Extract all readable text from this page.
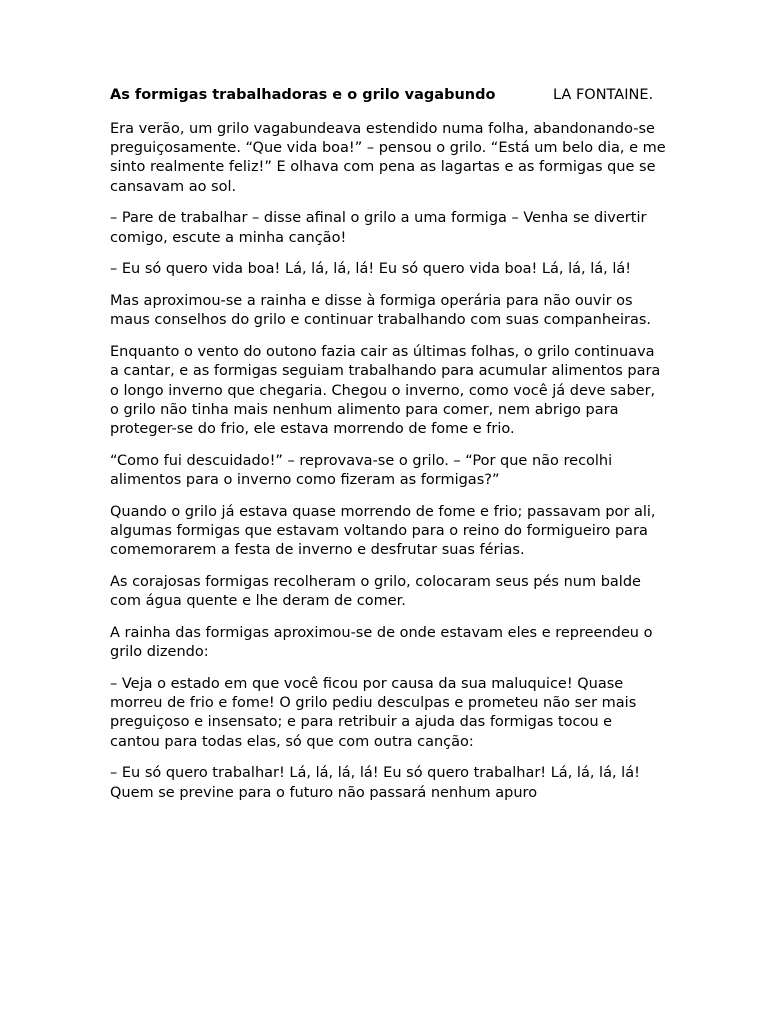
As formigas trabalhadoras e o grilo vagabundo	LA FONTAINE.

Era verão, um grilo vagabundeava estendido numa folha, abandonando-se
preguiçosamente. “Que vida boa!” – pensou o grilo. “Está um belo dia, e me
sinto realmente feliz!” E olhava com pena as lagartas e as formigas que se
cansavam ao sol.

– Pare de trabalhar – disse afinal o grilo a uma formiga – Venha se divertir
comigo, escute a minha canção!

– Eu só quero vida boa! Lá, lá, lá, lá! Eu só quero vida boa! Lá, lá, lá, lá!

Mas aproximou-se a rainha e disse à formiga operária para não ouvir os
maus conselhos do grilo e continuar trabalhando com suas companheiras.

Enquanto o vento do outono fazia cair as últimas folhas, o grilo continuava
a cantar, e as formigas seguiam trabalhando para acumular alimentos para
o longo inverno que chegaria. Chegou o inverno, como você já deve saber,
o grilo não tinha mais nenhum alimento para comer, nem abrigo para
proteger-se do frio, ele estava morrendo de fome e frio.

“Como fui descuidado!” – reprovava-se o grilo. – “Por que não recolhi
alimentos para o inverno como fizeram as formigas?”

Quando o grilo já estava quase morrendo de fome e frio; passavam por ali,
algumas formigas que estavam voltando para o reino do formigueiro para
comemorarem a festa de inverno e desfrutar suas férias.

As corajosas formigas recolheram o grilo, colocaram seus pés num balde
com água quente e lhe deram de comer.

A rainha das formigas aproximou-se de onde estavam eles e repreendeu o
grilo dizendo:

– Veja o estado em que você ficou por causa da sua maluquice! Quase
morreu de frio e fome! O grilo pediu desculpas e prometeu não ser mais
preguiçoso e insensato; e para retribuir a ajuda das formigas tocou e
cantou para todas elas, só que com outra canção:

– Eu só quero trabalhar! Lá, lá, lá, lá! Eu só quero trabalhar! Lá, lá, lá, lá!
Quem se previne para o futuro não passará nenhum apuro
